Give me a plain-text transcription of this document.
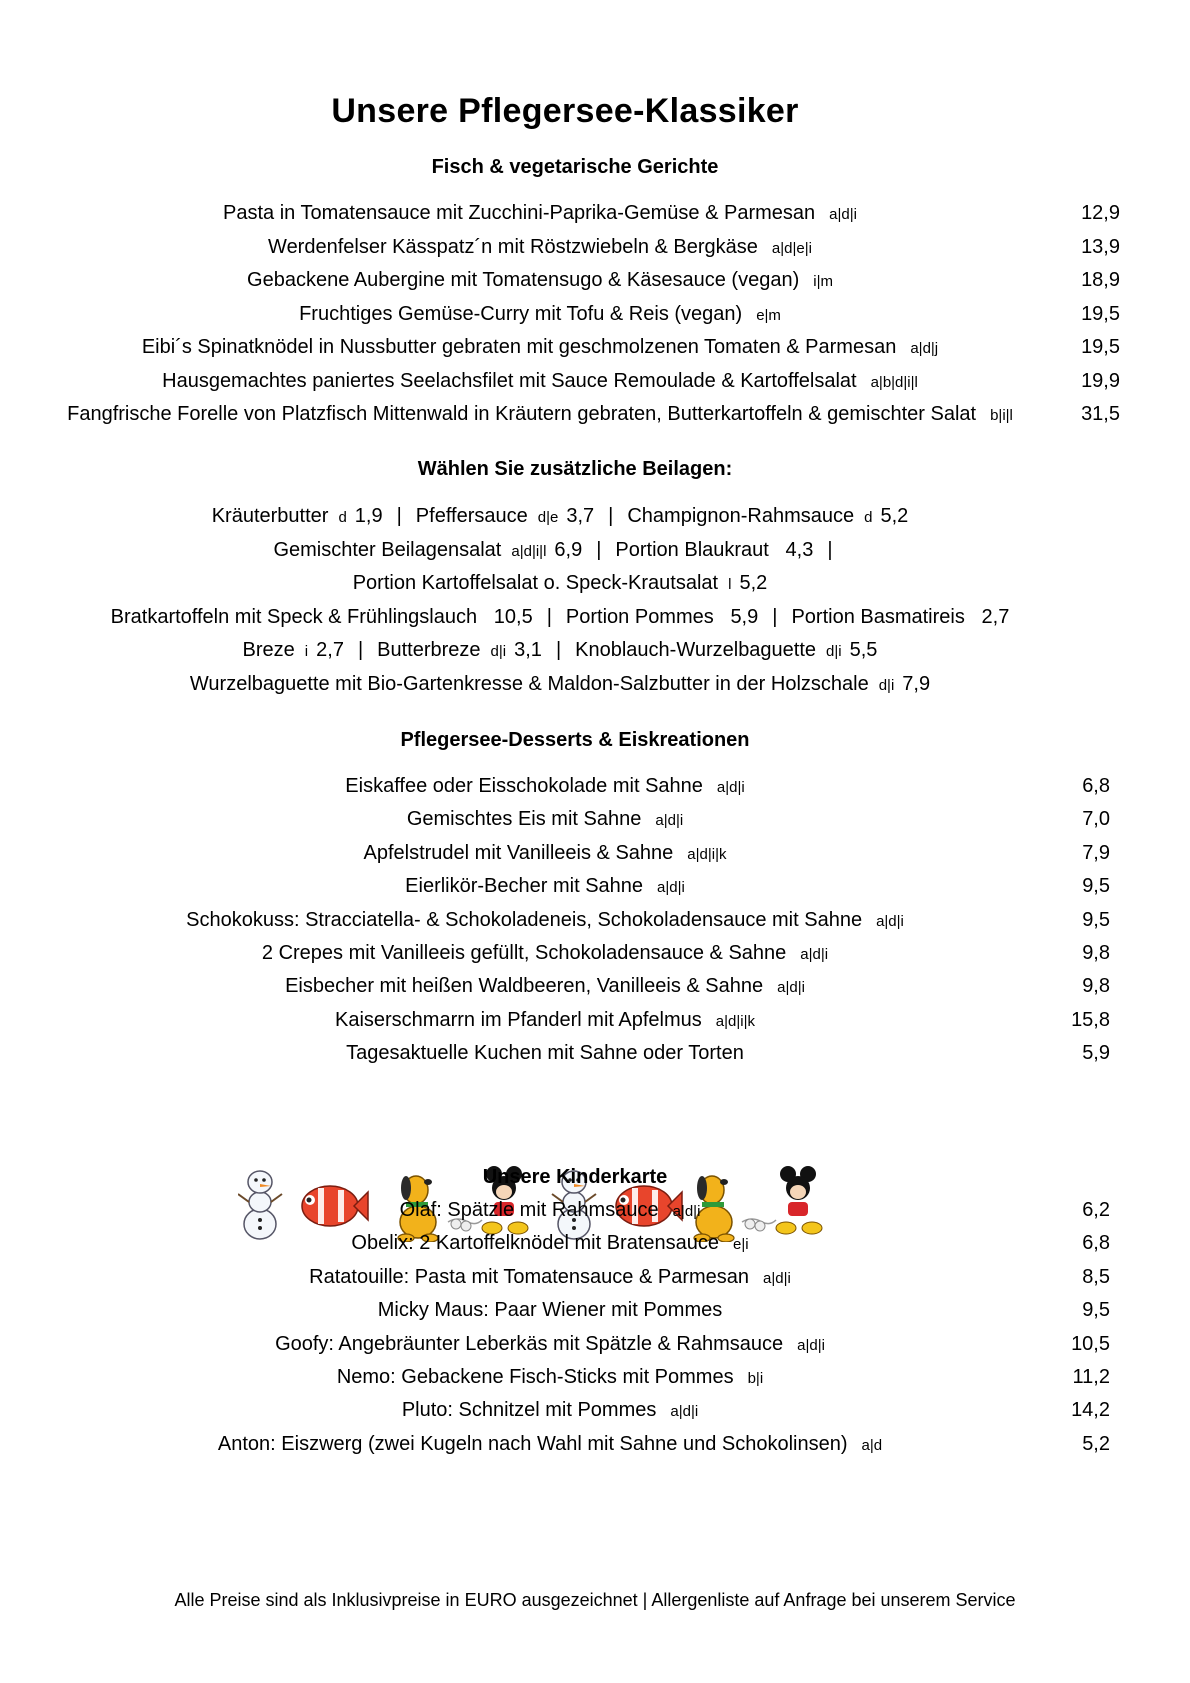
Unsere Pflegersee-Klassiker
Fisch & vegetarische Gerichte
Pasta in Tomatensauce mit Zucchini-Paprika-Gemüse & Parmesan a|d|i	12,9
Werdenfelser Kässpatz´n mit Röstzwiebeln & Bergkäse a|d|e|i	13,9
Gebackene Aubergine mit Tomatensugo & Käsesauce (vegan) i|m	18,9
Fruchtiges Gemüse-Curry mit Tofu & Reis (vegan) e|m	19,5
Eibi´s Spinatknödel in Nussbutter gebraten mit geschmolzenen Tomaten & Parmesan a|d|j	19,5
Hausgemachtes paniertes Seelachsfilet mit Sauce Remoulade & Kartoffelsalat a|b|d|i|l	19,9
Fangfrische Forelle von Platzfisch Mittenwald in Kräutern gebraten, Butterkartoffeln & gemischter Salat b|i|l	31,5
Wählen Sie zusätzliche Beilagen:
Kräuterbutter d 1,9 | Pfeffersauce d|e 3,7 | Champignon-Rahmsauce d 5,2
Gemischter Beilagensalat a|d|i|l 6,9 | Portion Blaukraut 4,3 |
Portion Kartoffelsalat o. Speck-Krautsalat l 5,2
Bratkartoffeln mit Speck & Frühlingslauch 10,5 | Portion Pommes 5,9 | Portion Basmatireis 2,7
Breze i 2,7 | Butterbreze d|i 3,1 | Knoblauch-Wurzelbaguette d|i 5,5
Wurzelbaguette mit Bio-Gartenkresse & Maldon-Salzbutter in der Holzschale d|i 7,9
Pflegersee-Desserts & Eiskreationen
Eiskaffee oder Eisschokolade mit Sahne a|d|i	6,8
Gemischtes Eis mit Sahne a|d|i	7,0
Apfelstrudel mit Vanilleeis & Sahne a|d|i|k	7,9
Eierlikör-Becher mit Sahne a|d|i	9,5
Schokokuss: Stracciatella- & Schokoladeneis, Schokoladensauce mit Sahne a|d|i	9,5
2 Crepes mit Vanilleeis gefüllt, Schokoladensauce & Sahne a|d|i	9,8
Eisbecher mit heißen Waldbeeren, Vanilleeis & Sahne a|d|i	9,8
Kaiserschmarrn im Pfanderl mit Apfelmus a|d|i|k	15,8
Tagesaktuelle Kuchen mit Sahne oder Torten	5,9
Unsere Kinderkarte
Olaf: Spätzle mit Rahmsauce a|d|i	6,2
Obelix: 2 Kartoffelknödel mit Bratensauce e|i	6,8
Ratatouille: Pasta mit Tomatensauce & Parmesan a|d|i	8,5
Micky Maus: Paar Wiener mit Pommes	9,5
Goofy: Angebräunter Leberkäs mit Spätzle & Rahmsauce a|d|i	10,5
Nemo: Gebackene Fisch-Sticks mit Pommes b|i	11,2
Pluto: Schnitzel mit Pommes a|d|i	14,2
Anton: Eiszwerg (zwei Kugeln nach Wahl mit Sahne und Schokolinsen) a|d	5,2
Alle Preise sind als Inklusivpreise in EURO ausgezeichnet | Allergenliste auf Anfrage bei unserem Service
